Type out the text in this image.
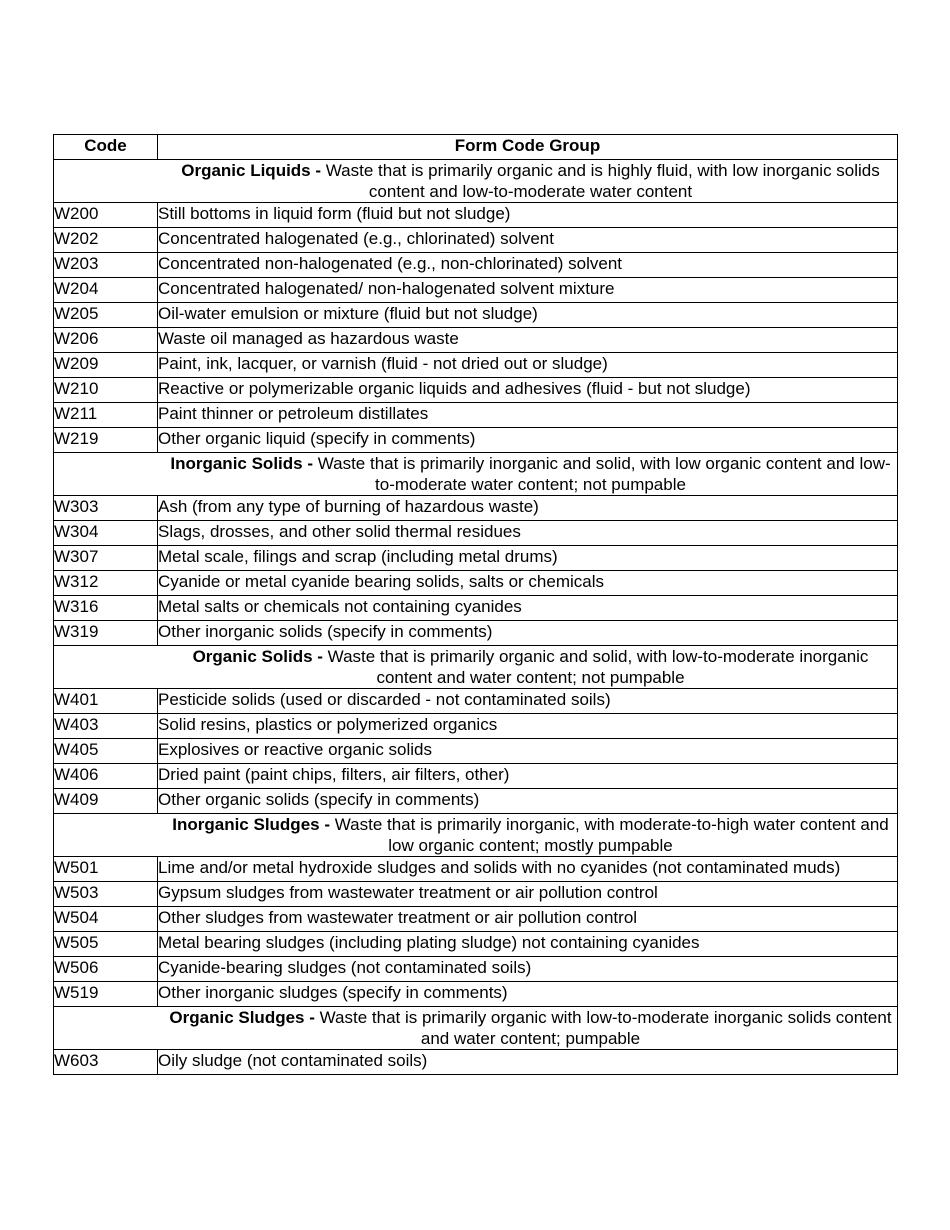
Code	Form Code Group
Organic Liquids - Waste that is primarily organic and is highly fluid, with low inorganic solids content and low-to-moderate water content	
W200	Still bottoms in liquid form (fluid but not sludge)
W202	Concentrated halogenated (e.g., chlorinated) solvent
W203	Concentrated non-halogenated (e.g., non-chlorinated) solvent
W204	Concentrated halogenated/ non-halogenated solvent mixture
W205	Oil-water emulsion or mixture (fluid but not sludge)
W206	Waste oil managed as hazardous waste
W209	Paint, ink, lacquer, or varnish (fluid - not dried out or sludge)
W210	Reactive or polymerizable organic liquids and adhesives (fluid - but not sludge)
W211	Paint thinner or petroleum distillates
W219	Other organic liquid (specify in comments)
Inorganic Solids - Waste that is primarily inorganic and solid, with low organic content and low-to-moderate water content; not pumpable	
W303	Ash (from any type of burning of hazardous waste)
W304	Slags, drosses, and other solid thermal residues
W307	Metal scale, filings and scrap (including metal drums)
W312	Cyanide or metal cyanide bearing solids, salts or chemicals
W316	Metal salts or chemicals not containing cyanides
W319	Other inorganic solids (specify in comments)
Organic Solids - Waste that is primarily organic and solid, with low-to-moderate inorganic content and water content; not pumpable	
W401	Pesticide solids (used or discarded - not contaminated soils)
W403	Solid resins, plastics or polymerized organics
W405	Explosives or reactive organic solids
W406	Dried paint (paint chips, filters, air filters, other)
W409	Other organic solids (specify in comments)
Inorganic Sludges - Waste that is primarily inorganic, with moderate-to-high water content and low organic content; mostly pumpable	
W501	Lime and/or metal hydroxide sludges and solids with no cyanides (not contaminated muds)
W503	Gypsum sludges from wastewater treatment or air pollution control
W504	Other sludges from wastewater treatment or air pollution control
W505	Metal bearing sludges (including plating sludge) not containing cyanides
W506	Cyanide-bearing sludges (not contaminated soils)
W519	Other inorganic sludges (specify in comments)
Organic Sludges - Waste that is primarily organic with low-to-moderate inorganic solids content and water content; pumpable	
W603	Oily sludge (not contaminated soils)
